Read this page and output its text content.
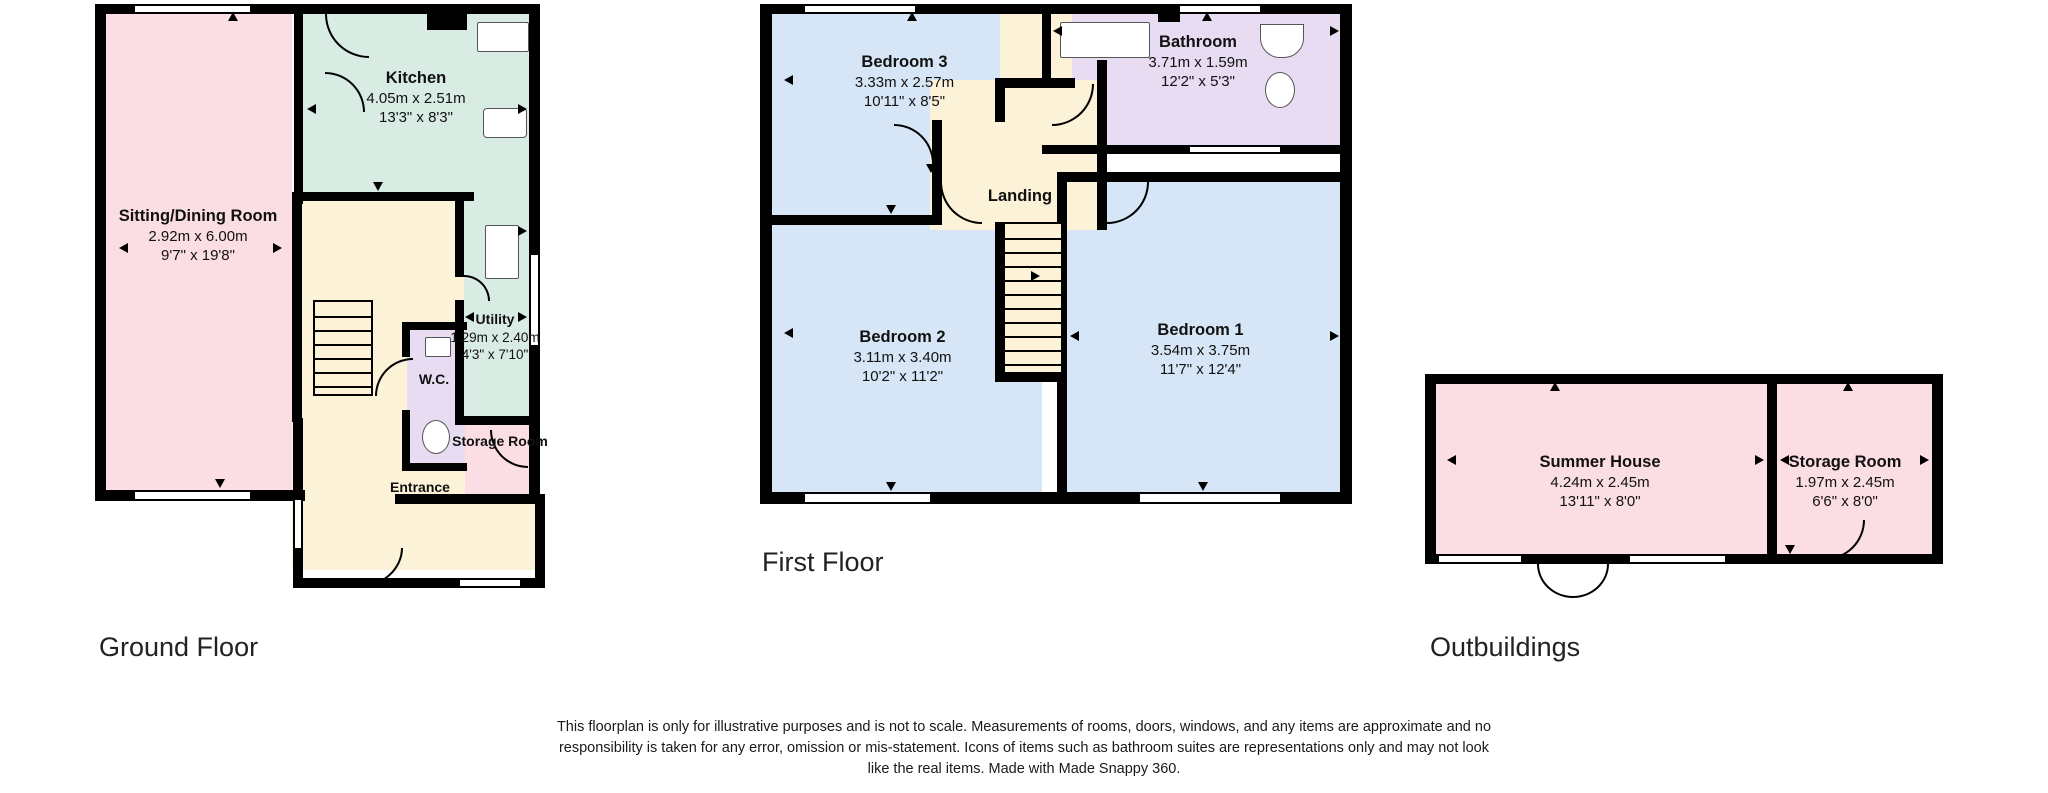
Sitting/Dining Room
2.92m x 6.00m
9'7" x 19'8"
Kitchen
4.05m x 2.51m
13'3" x 8'3"
Utility
1.29m x 2.40m
4'3" x 7'10"
W.C.
Storage Room
Entrance
Ground Floor
Bedroom 3
3.33m x 2.57m
10'11" x 8'5"
Bathroom
3.71m x 1.59m
12'2" x 5'3"
Landing
Bedroom 2
3.11m x 3.40m
10'2" x 11'2"
Bedroom 1
3.54m x 3.75m
11'7" x 12'4"
First Floor
Summer House
4.24m x 2.45m
13'11" x 8'0"
Storage Room
1.97m x 2.45m
6'6" x 8'0"
Outbuildings
This floorplan is only for illustrative purposes and is not to scale. Measurements of rooms, doors, windows, and any items are approximate and no responsibility is taken for any error, omission or mis-statement. Icons of items such as bathroom suites are representations only and may not look like the real items. Made with Made Snappy 360.
